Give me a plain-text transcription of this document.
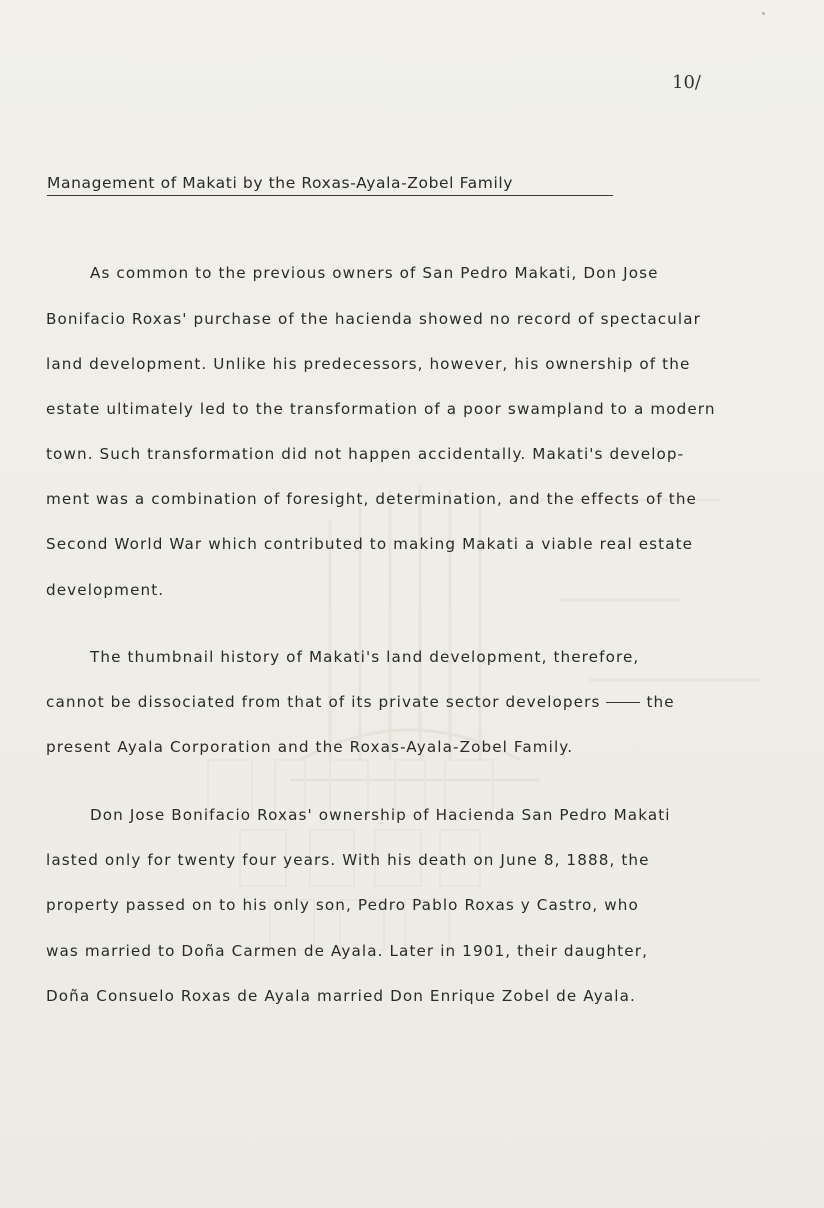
10/
Management of Makati by the Roxas-Ayala-Zobel Family
As common to the previous owners of San Pedro Makati, Don Jose
Bonifacio Roxas' purchase of the hacienda showed no record of spectacular
land development. Unlike his predecessors, however, his ownership of the
estate ultimately led to the transformation of a poor swampland to a modern
town. Such transformation did not happen accidentally. Makati's develop-
ment was a combination of foresight, determination, and the effects of the
Second World War which contributed to making Makati a viable real estate
development.
The thumbnail history of Makati's land development, therefore,
cannot be dissociated from that of its private sector developers	the
present Ayala Corporation and the Roxas-Ayala-Zobel Family.
Don Jose Bonifacio Roxas' ownership of Hacienda San Pedro Makati
lasted only for twenty four years. With his death on June 8, 1888, the
property passed on to his only son, Pedro Pablo Roxas y Castro, who
was married to Doña Carmen de Ayala. Later in 1901, their daughter,
Doña Consuelo Roxas de Ayala married Don Enrique Zobel de Ayala.
